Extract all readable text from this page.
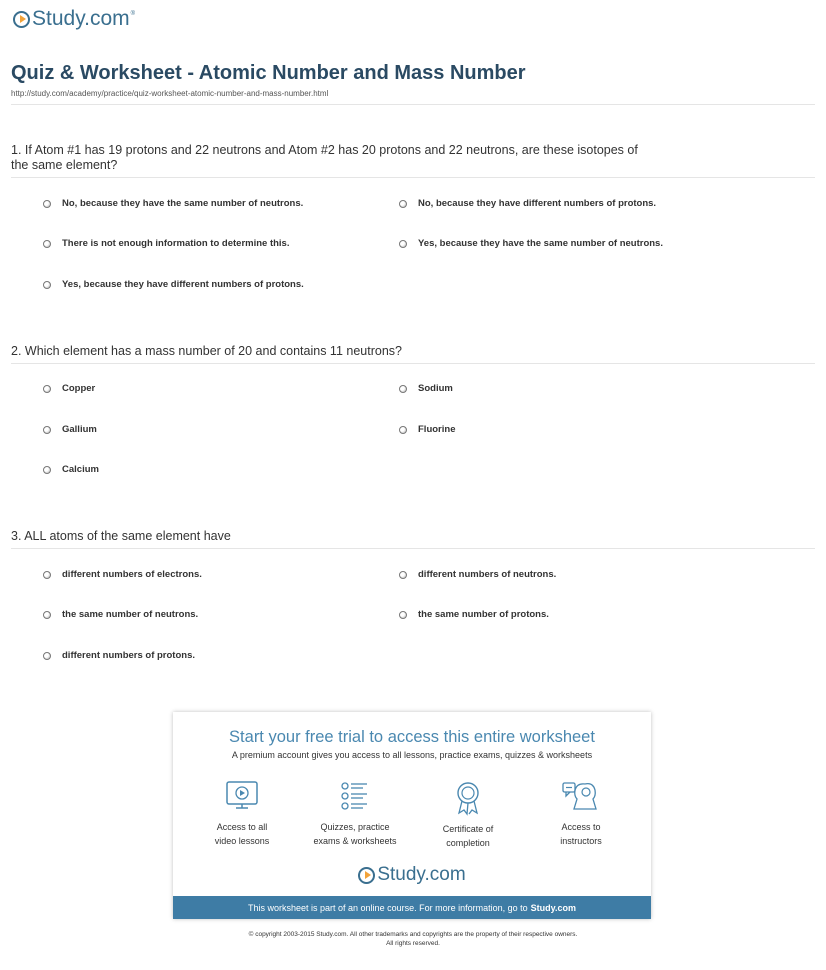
Study.com ®
Quiz & Worksheet - Atomic Number and Mass Number
http://study.com/academy/practice/quiz-worksheet-atomic-number-and-mass-number.html
1. If Atom #1 has 19 protons and 22 neutrons and Atom #2 has 20 protons and 22 neutrons, are these isotopes of the same element?
No, because they have the same number of neutrons.	No, because they have different numbers of protons.
There is not enough information to determine this.	Yes, because they have the same number of neutrons.
Yes, because they have different numbers of protons.
2. Which element has a mass number of 20 and contains 11 neutrons?
Copper	Sodium
Gallium	Fluorine
Calcium
3. ALL atoms of the same element have
different numbers of electrons.	different numbers of neutrons.
the same number of neutrons.	the same number of protons.
different numbers of protons.
Start your free trial to access this entire worksheet
A premium account gives you access to all lessons, practice exams, quizzes & worksheets
Access to all
video lessons
Quizzes, practice
exams & worksheets
Certificate of
completion
Access to
instructors
Study.com
This worksheet is part of an online course. For more information, go to Study.com
© copyright 2003-2015 Study.com. All other trademarks and copyrights are the property of their respective owners.
All rights reserved.
